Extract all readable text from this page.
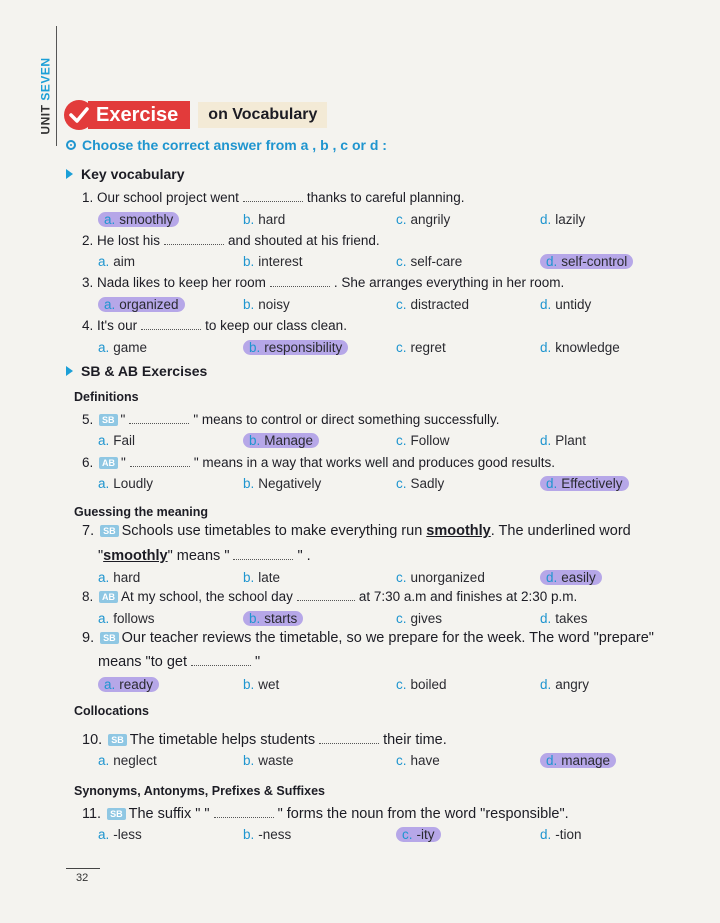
UNITSEVEN
Exercise	on Vocabulary
Choose the correct answer from a , b , c or d :
Key vocabulary
1. Our school project went	thanks to careful planning.
a. smoothly	b. hard	c. angrily	d. lazily
2. He lost his	and shouted at his friend.
a. aim	b. interest	c. self-care	d. self-control
3. Nada likes to keep her room	. She arranges everything in her room.
a. organized	b. noisy	c. distracted	d. untidy
4. It's our	to keep our class clean.
a. game	b. responsibility	c. regret	d. knowledge
5. SB "	" means to control or direct something successfully.
a. Fail	b. Manage	c. Follow	d. Plant
6. AB "	" means in a way that works well and produces good results.
a. Loudly	b. Negatively	c. Sadly	d. Effectively
7. SB Schools use timetables to make everything run smoothly. The underlined word
"smoothly" means "	" .
a. hard	b. late	c. unorganized	d. easily
8. AB At my school, the school day	at 7:30 a.m and finishes at 2:30 p.m.
a. follows	b. starts	c. gives	d. takes
9. SB Our teacher reviews the timetable, so we prepare for the week. The word "prepare"
means "to get	"
a. ready	b. wet	c. boiled	d. angry
10. SB The timetable helps students	their time.
a. neglect	b. waste	c. have	d. manage
11. SB The suffix " "	" forms the noun from the word "responsible".
a. -less	b. -ness	c. -ity	d. -tion
SB & AB Exercises
Definitions
Guessing the meaning
Collocations
Synonyms, Antonyms, Prefixes & Suffixes
32
